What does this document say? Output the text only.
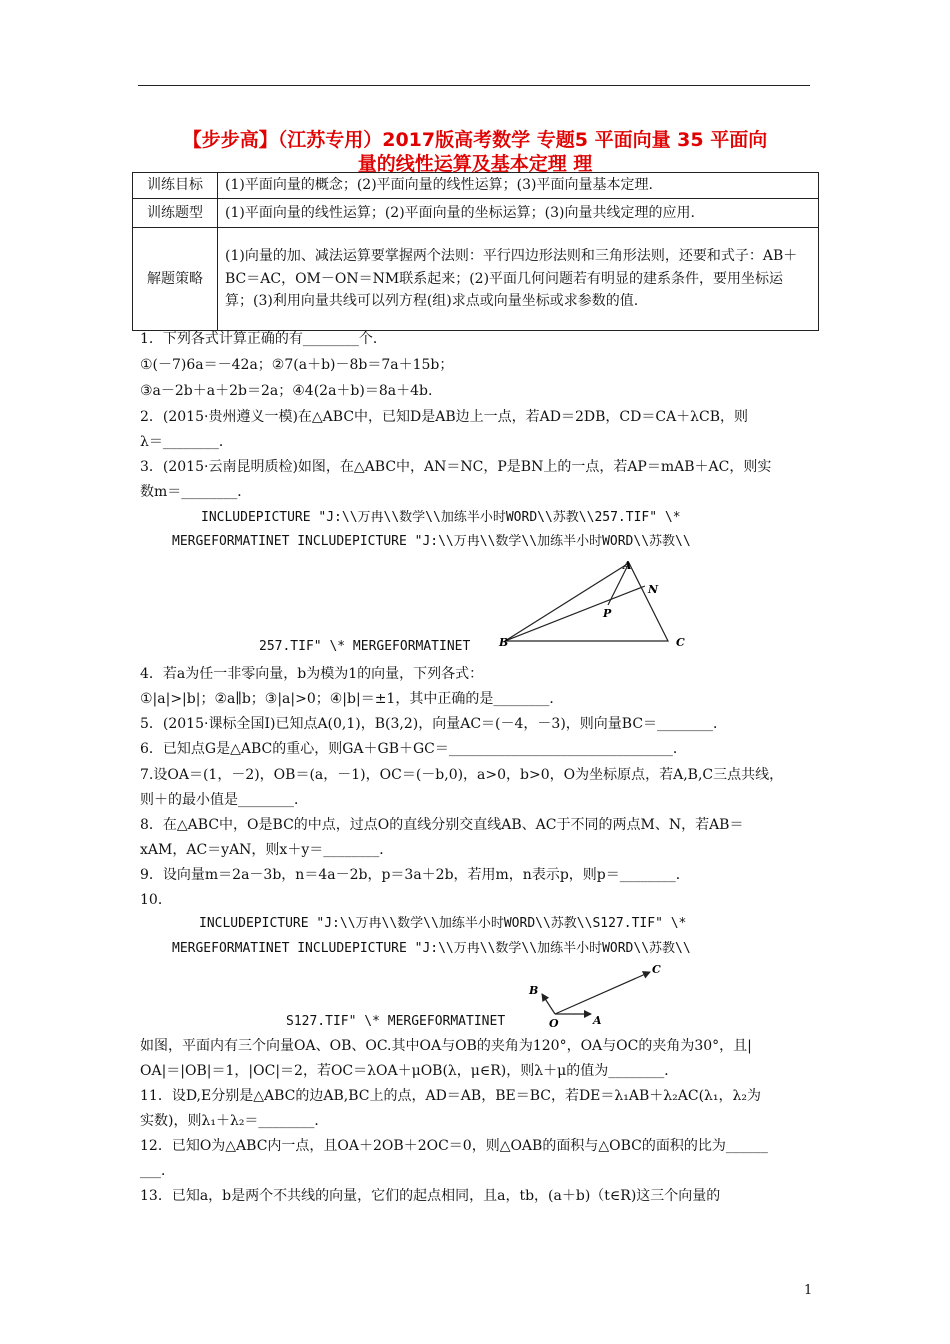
【步步高】（江苏专用）2017版高考数学 专题5 平面向量 35 平面向
量的线性运算及基本定理 理
训练目标	(1)平面向量的概念；(2)平面向量的线性运算；(3)平面向量基本定理.
训练题型	(1)平面向量的线性运算；(2)平面向量的坐标运算；(3)向量共线定理的应用.
解题策略	(1)向量的加、减法运算要掌握两个法则：平行四边形法则和三角形法则，还要和式子：AB＋BC＝AC，OM－ON＝NM联系起来；(2)平面几何问题若有明显的建系条件，要用坐标运算；(3)利用向量共线可以列方程(组)求点或向量坐标或求参数的值.
1．下列各式计算正确的有________个．
①(－7)6a＝－42a；②7(a＋b)－8b＝7a＋15b；
③a－2b＋a＋2b＝2a；④4(2a＋b)＝8a＋4b.
2．(2015·贵州遵义一模)在△ABC中，已知D是AB边上一点，若AD＝2DB，CD＝CA＋λCB，则
λ＝________．
3．(2015·云南昆明质检)如图，在△ABC中，AN＝NC，P是BN上的一点，若AP＝mAB＋AC，则实
数m＝________．
INCLUDEPICTURE "J:\\万冉\\数学\\加练半小时WORD\\苏教\\257.TIF" \*
MERGEFORMATINET INCLUDEPICTURE "J:\\万冉\\数学\\加练半小时WORD\\苏教\\
257.TIF" \* MERGEFORMATINET
A
N
P
B	C
4．若a为任一非零向量，b为模为1的向量，下列各式：
①|a|>|b|；②a∥b；③|a|>0；④|b|＝±1，其中正确的是________．
5．(2015·课标全国Ⅰ)已知点A(0,1)，B(3,2)，向量AC＝(－4，－3)，则向量BC＝________．
6．已知点G是△ABC的重心，则GA＋GB＋GC＝________________________________．
7.设OA＝(1，－2)，OB＝(a，－1)，OC＝(－b,0)，a>0，b>0，O为坐标原点，若A,B,C三点共线，
则＋的最小值是________．
8．在△ABC中，O是BC的中点，过点O的直线分别交直线AB、AC于不同的两点M、N，若AB＝
xAM，AC＝yAN，则x＋y＝________．
9．设向量m＝2a－3b，n＝4a－2b，p＝3a＋2b，若用m，n表示p，则p＝________．
10．
INCLUDEPICTURE "J:\\万冉\\数学\\加练半小时WORD\\苏教\\S127.TIF" \*
MERGEFORMATINET INCLUDEPICTURE "J:\\万冉\\数学\\加练半小时WORD\\苏教\\
S127.TIF" \* MERGEFORMATINET
B
C
O	A
如图，平面内有三个向量OA、OB、OC.其中OA与OB的夹角为120°，OA与OC的夹角为30°，且|
OA|＝|OB|＝1，|OC|＝2，若OC＝λOA＋μOB(λ，μ∈R)，则λ＋μ的值为________．
11．设D,E分别是△ABC的边AB,BC上的点，AD＝AB，BE＝BC，若DE＝λ₁AB＋λ₂AC(λ₁，λ₂为
实数)，则λ₁＋λ₂＝________．
12．已知O为△ABC内一点，且OA＋2OB＋2OC＝0，则△OAB的面积与△OBC的面积的比为______
___．
13．已知a，b是两个不共线的向量，它们的起点相同，且a，tb，(a＋b)（t∈R)这三个向量的
1
